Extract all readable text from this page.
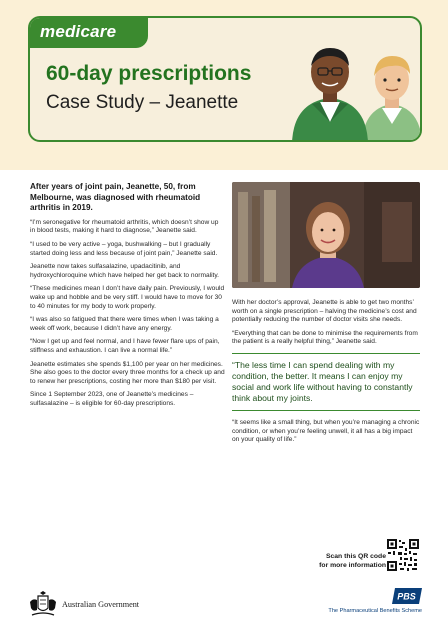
medicare
60-day prescriptions
Case Study – Jeanette

After years of joint pain, Jeanette, 50, from Melbourne, was diagnosed with rheumatoid arthritis in 2019.

“I’m seronegative for rheumatoid arthritis, which doesn’t show up in blood tests, making it hard to diagnose,” Jeanette said.

“I used to be very active – yoga, bushwalking – but I gradually started doing less and less because of joint pain,” Jeanette said.

Jeanette now takes sulfasalazine, upadacitinib, and hydroxychloroquine which have helped her get back to normality.

“These medicines mean I don’t have daily pain. Previously, I would wake up and hobble and be very stiff. I would have to move for 30 to 40 minutes for my body to work properly.

“I was also so fatigued that there were times when I was taking a week off work, because I didn’t have any energy.

“Now I get up and feel normal, and I have fewer flare ups of pain, stiffness and exhaustion. I can live a normal life.”

Jeanette estimates she spends $1,100 per year on her medicines. She also goes to the doctor every three months for a check up and to renew her prescriptions, costing her more than $180 per visit.

Since 1 September 2023, one of Jeanette’s medicines – sulfasalazine – is eligible for 60-day prescriptions.

With her doctor’s approval, Jeanette is able to get two months’ worth on a single prescription – halving the medicine’s cost and potentially reducing the number of doctor visits she needs.

“Everything that can be done to minimise the requirements from the patient is a really helpful thing,” Jeanette said.

“The less time I can spend dealing with my condition, the better. It means I can enjoy my social and work life without having to constantly think about my joints.

“It seems like a small thing, but when you’re managing a chronic condition, or when you’re feeling unwell, it all has a big impact on your quality of life.”

Scan this QR code
for more information
Australian Government
PBS
The Pharmaceutical Benefits Scheme
